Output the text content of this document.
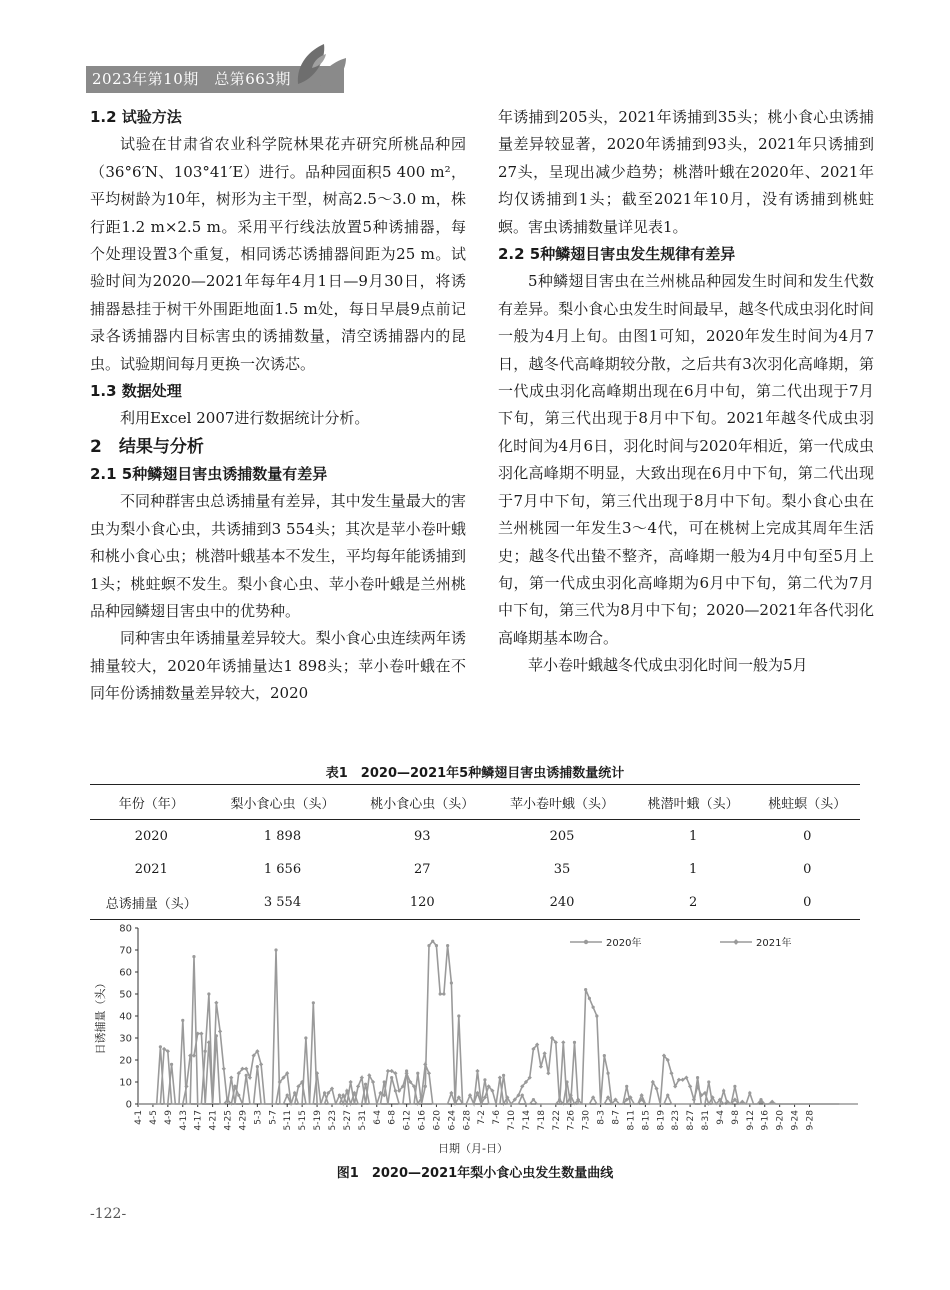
2023年第10期　总第663期
1.2 试验方法

试验在甘肃省农业科学院林果花卉研究所桃品种园（36°6′N、103°41′E）进行。品种园面积5 400 m²，平均树龄为10年，树形为主干型，树高2.5～3.0 m，株行距1.2 m×2.5 m。采用平行线法放置5种诱捕器，每个处理设置3个重复，相同诱芯诱捕器间距为25 m。试验时间为2020—2021年每年4月1日—9月30日，将诱捕器悬挂于树干外围距地面1.5 m处，每日早晨9点前记录各诱捕器内目标害虫的诱捕数量，清空诱捕器内的昆虫。试验期间每月更换一次诱芯。

1.3 数据处理

利用Excel 2007进行数据统计分析。

2　结果与分析
2.1 5种鳞翅目害虫诱捕数量有差异

不同种群害虫总诱捕量有差异，其中发生量最大的害虫为梨小食心虫，共诱捕到3 554头；其次是苹小卷叶蛾和桃小食心虫；桃潜叶蛾基本不发生，平均每年能诱捕到1头；桃蛀螟不发生。梨小食心虫、苹小卷叶蛾是兰州桃品种园鳞翅目害虫中的优势种。

同种害虫年诱捕量差异较大。梨小食心虫连续两年诱捕量较大，2020年诱捕量达1 898头；苹小卷叶蛾在不同年份诱捕数量差异较大，2020

年诱捕到205头，2021年诱捕到35头；桃小食心虫诱捕量差异较显著，2020年诱捕到93头，2021年只诱捕到27头，呈现出减少趋势；桃潜叶蛾在2020年、2021年均仅诱捕到1头；截至2021年10月，没有诱捕到桃蛀螟。害虫诱捕数量详见表1。

2.2 5种鳞翅目害虫发生规律有差异

5种鳞翅目害虫在兰州桃品种园发生时间和发生代数有差异。梨小食心虫发生时间最早，越冬代成虫羽化时间一般为4月上旬。由图1可知，2020年发生时间为4月7日，越冬代高峰期较分散，之后共有3次羽化高峰期，第一代成虫羽化高峰期出现在6月中旬，第二代出现于7月下旬，第三代出现于8月中下旬。2021年越冬代成虫羽化时间为4月6日，羽化时间与2020年相近，第一代成虫羽化高峰期不明显，大致出现在6月中下旬，第二代出现于7月中下旬，第三代出现于8月中下旬。梨小食心虫在兰州桃园一年发生3～4代，可在桃树上完成其周年生活史；越冬代出蛰不整齐，高峰期一般为4月中旬至5月上旬，第一代成虫羽化高峰期为6月中下旬，第二代为7月中下旬，第三代为8月中下旬；2020—2021年各代羽化高峰期基本吻合。

苹小卷叶蛾越冬代成虫羽化时间一般为5月

表1　2020—2021年5种鳞翅目害虫诱捕数量统计
年份（年）	梨小食心虫（头）	桃小食心虫（头）	苹小卷叶蛾（头）	桃潜叶蛾（头）	桃蛀螟（头）
2020	1 898	93	205	1	0
2021	1 656	27	35	1	0
总诱捕量（头）	3 554	120	240	2	0
0
10
20
30
40
50
60
70
80
4-1 4-5 4-9 4-13 4-17 4-21 4-25 4-29 5-3 5-7 5-11 5-15 5-19 5-23 5-27 5-31 6-4 6-8 6-12 6-16 6-20 6-24 6-28 7-2 7-6 7-10 7-14 7-18 7-22 7-26 7-30 8-3 8-7 8-11 8-15 8-19 8-23 8-27 8-31 9-4 9-8 9-12 9-16 9-20 9-24 9-28
日期（月-日）
日诱捕量（头）
2020年	2021年
图1　2020—2021年梨小食心虫发生数量曲线
-122-
